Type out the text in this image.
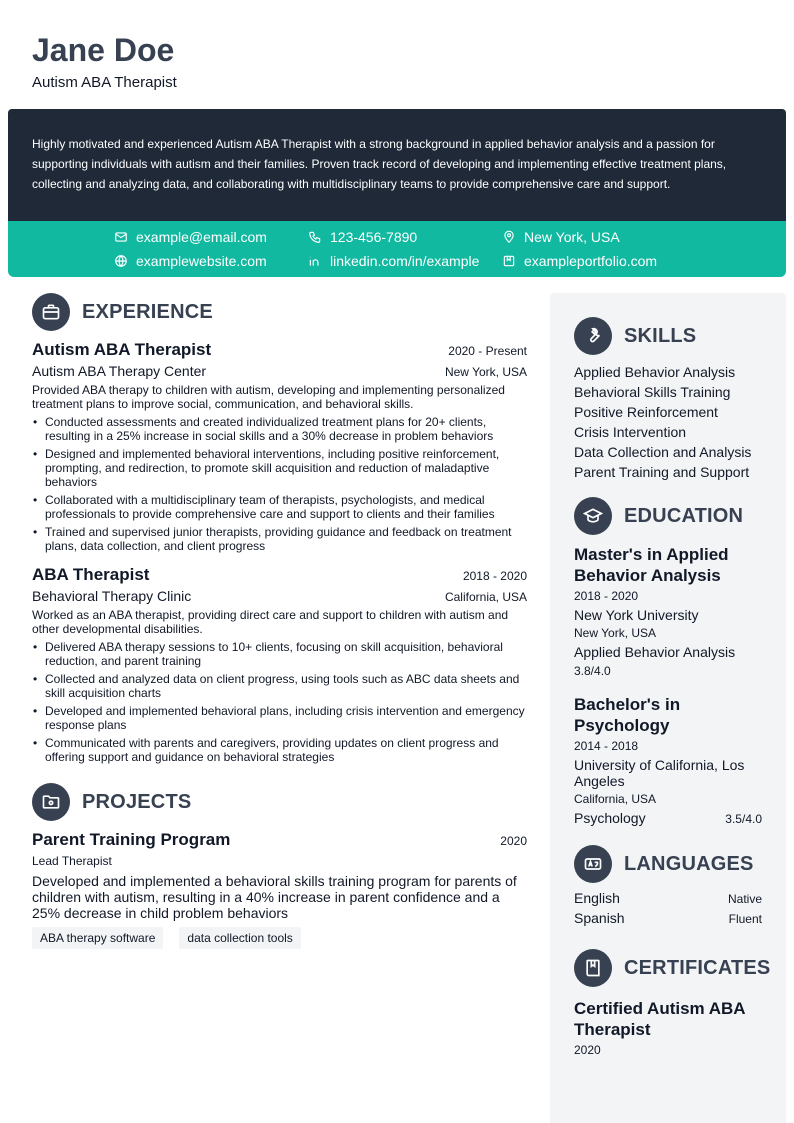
Jane Doe
Autism ABA Therapist

Highly motivated and experienced Autism ABA Therapist with a strong background in applied behavior analysis and a passion for supporting individuals with autism and their families. Proven track record of developing and implementing effective treatment plans, collecting and analyzing data, and collaborating with multidisciplinary teams to provide comprehensive care and support.

example@email.com	123-456-7890	New York, USA
examplewebsite.com	linkedin.com/in/example	exampleportfolio.com
EXPERIENCE
Autism ABA Therapist	2020 - Present
Autism ABA Therapy Center	New York, USA

Provided ABA therapy to children with autism, developing and implementing personalized treatment plans to improve social, communication, and behavioral skills.

• Conducted assessments and created individualized treatment plans for 20+ clients, resulting in a 25% increase in social skills and a 30% decrease in problem behaviors
• Designed and implemented behavioral interventions, including positive reinforcement, prompting, and redirection, to promote skill acquisition and reduction of maladaptive behaviors
• Collaborated with a multidisciplinary team of therapists, psychologists, and medical professionals to provide comprehensive care and support to clients and their families
• Trained and supervised junior therapists, providing guidance and feedback on treatment plans, data collection, and client progress
ABA Therapist	2018 - 2020
Behavioral Therapy Clinic	California, USA

Worked as an ABA therapist, providing direct care and support to children with autism and other developmental disabilities.

• Delivered ABA therapy sessions to 10+ clients, focusing on skill acquisition, behavioral reduction, and parent training
• Collected and analyzed data on client progress, using tools such as ABC data sheets and skill acquisition charts
• Developed and implemented behavioral plans, including crisis intervention and emergency response plans
• Communicated with parents and caregivers, providing updates on client progress and offering support and guidance on behavioral strategies
PROJECTS
Parent Training Program	2020
Lead Therapist

Developed and implemented a behavioral skills training program for parents of children with autism, resulting in a 40% increase in parent confidence and a 25% decrease in child problem behaviors

ABA therapy software	data collection tools
SKILLS
Applied Behavior Analysis
Behavioral Skills Training
Positive Reinforcement
Crisis Intervention
Data Collection and Analysis
Parent Training and Support
EDUCATION
Master's in Applied Behavior Analysis
2018 - 2020
New York University
New York, USA
Applied Behavior Analysis
3.8/4.0
Bachelor's in Psychology
2014 - 2018
University of California, Los Angeles
California, USA
Psychology	3.5/4.0
LANGUAGES
English	Native
Spanish	Fluent
CERTIFICATES
Certified Autism ABA Therapist
2020
